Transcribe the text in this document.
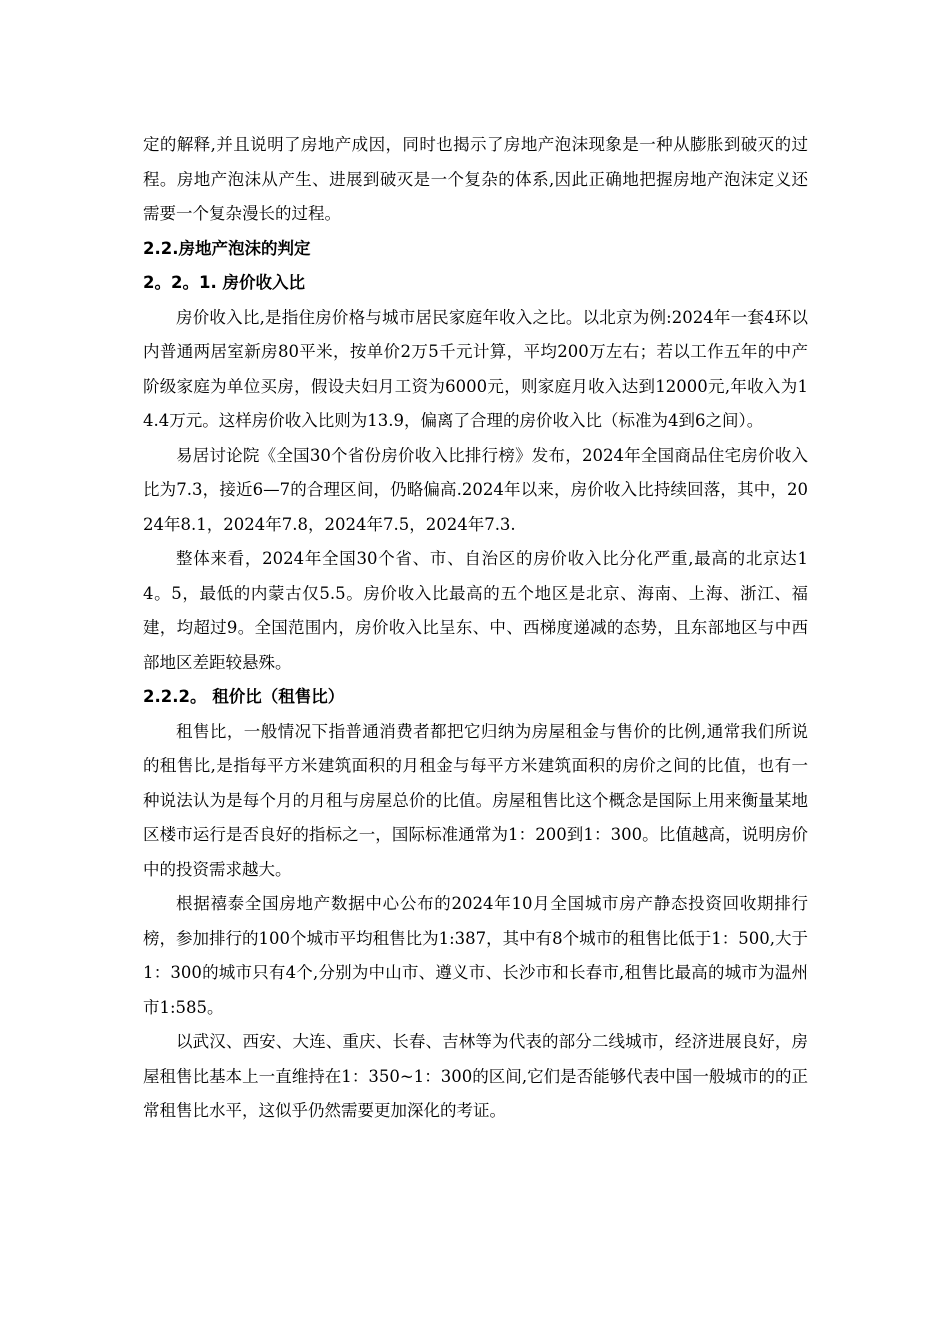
定的解释,并且说明了房地产成因，同时也揭示了房地产泡沫现象是一种从膨胀到破灭的过程。房地产泡沫从产生、进展到破灭是一个复杂的体系,因此正确地把握房地产泡沫定义还需要一个复杂漫长的过程。

2.2.房地产泡沫的判定

2。2。1. 房价收入比

房价收入比,是指住房价格与城市居民家庭年收入之比。以北京为例:2024年一套4环以内普通两居室新房80平米，按单价2万5千元计算，平均200万左右；若以工作五年的中产阶级家庭为单位买房，假设夫妇月工资为6000元，则家庭月收入达到12000元,年收入为14.4万元。这样房价收入比则为13.9，偏离了合理的房价收入比（标准为4到6之间）。

易居讨论院《全国30个省份房价收入比排行榜》发布，2024年全国商品住宅房价收入比为7.3，接近6—7的合理区间，仍略偏高.2024年以来，房价收入比持续回落，其中，2024年8.1，2024年7.8，2024年7.5，2024年7.3.

整体来看，2024年全国30个省、市、自治区的房价收入比分化严重,最高的北京达14。5，最低的内蒙古仅5.5。房价收入比最高的五个地区是北京、海南、上海、浙江、福建，均超过9。全国范围内，房价收入比呈东、中、西梯度递减的态势，且东部地区与中西部地区差距较悬殊。

2.2.2。 租价比（租售比）

租售比，一般情况下指普通消费者都把它归纳为房屋租金与售价的比例,通常我们所说的租售比,是指每平方米建筑面积的月租金与每平方米建筑面积的房价之间的比值，也有一种说法认为是每个月的月租与房屋总价的比值。房屋租售比这个概念是国际上用来衡量某地区楼市运行是否良好的指标之一，国际标准通常为1：200到1：300。比值越高，说明房价中的投资需求越大。

根据禧泰全国房地产数据中心公布的2024年10月全国城市房产静态投资回收期排行榜，参加排行的100个城市平均租售比为1:387，其中有8个城市的租售比低于1：500,大于1：300的城市只有4个,分别为中山市、遵义市、长沙市和长春市,租售比最高的城市为温州市1:585。

以武汉、西安、大连、重庆、长春、吉林等为代表的部分二线城市，经济进展良好，房屋租售比基本上一直维持在1：350~1：300的区间,它们是否能够代表中国一般城市的的正常租售比水平，这似乎仍然需要更加深化的考证。
